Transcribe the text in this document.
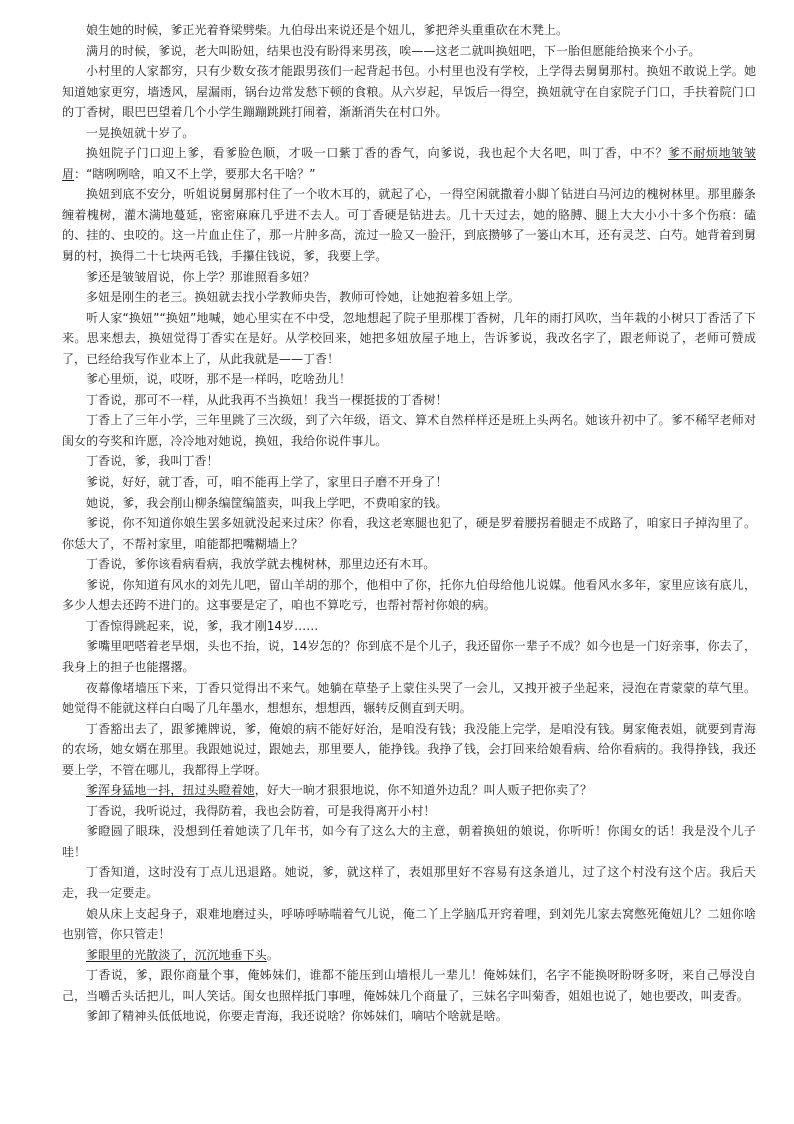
娘生她的时候，爹正光着脊梁劈柴。九伯母出来说还是个妞儿，爹把斧头重重砍在木凳上。

满月的时候，爹说，老大叫盼妞，结果也没有盼得来男孩，唉——这老二就叫换妞吧，下一胎但愿能给换来个小子。

小村里的人家都穷，只有少数女孩才能跟男孩们一起背起书包。小村里也没有学校，上学得去舅舅那村。换妞不敢说上学。她知道她家更穷，墙透风，屋漏雨，锅台边常发愁下顿的食粮。从六岁起，早饭后一得空，换妞就守在自家院子门口，手扶着院门口的丁香树，眼巴巴望着几个小学生蹦蹦跳跳打闹着，渐渐消失在村口外。

一晃换妞就十岁了。

换妞院子门口迎上爹，看爹脸色顺，才吸一口紫丁香的香气，向爹说，我也起个大名吧，叫丁香，中不？爹不耐烦地皱皱眉：“瞎咧咧啥，咱又不上学，要那大名干啥？”

换妞到底不安分，听姐说舅舅那村住了一个收木耳的，就起了心，一得空闲就撒着小脚丫钻进白马河边的槐树林里。那里藤条缠着槐树，灌木满地蔓延，密密麻麻几乎进不去人。可丁香硬是钻进去。几十天过去，她的胳膊、腿上大大小小十多个伤痕：磕的、挂的、虫咬的。这一片血止住了，那一片肿多高，流过一脸又一脸汗，到底攒够了一篓山木耳，还有灵芝、白芍。她背着到舅舅的村，换得二十七块两毛钱，手攥住钱说，爹，我要上学。

爹还是皱皱眉说，你上学？那谁照看多妞？

多妞是刚生的老三。换妞就去找小学教师央告，教师可怜她，让她抱着多妞上学。

听人家“换妞”“换妞”地喊，她心里实在不中受，忽地想起了院子里那棵丁香树，几年的雨打风吹，当年栽的小树只丁香活了下来。思来想去，换妞觉得丁香实在是好。从学校回来，她把多妞放屋子地上，告诉爹说，我改名字了，跟老师说了，老师可赞成了，已经给我写作业本上了，从此我就是——丁香！

爹心里烦，说，哎呀，那不是一样吗，吃啥劲儿！

丁香说，那可不一样，从此我再不当换妞！我当一棵挺拔的丁香树！

丁香上了三年小学，三年里跳了三次级，到了六年级，语文、算术自然样样还是班上头两名。她该升初中了。爹不稀罕老师对闺女的夸奖和许愿，冷冷地对她说，换妞，我给你说件事儿。

丁香说，爹，我叫丁香！

爹说，好好，就丁香，可，咱不能再上学了，家里日子磨不开身了！

她说，爹，我会削山柳条编筐编篮卖，叫我上学吧，不费咱家的钱。

爹说，你不知道你娘生罢多妞就没起来过床？你看，我这老寒腿也犯了，硬是罗着腰拐着腿走不成路了，咱家日子掉沟里了。你恁大了，不帮衬家里，咱能都把嘴糊墙上？

丁香说，爹你该看病看病，我放学就去槐树林，那里边还有木耳。

爹说，你知道有风水的刘先儿吧，留山羊胡的那个，他相中了你，托你九伯母给他儿说媒。他看风水多年，家里应该有底儿，多少人想去还跨不进门的。这事要是定了，咱也不算吃亏，也帮衬帮衬你娘的病。

丁香惊得跳起来，说，爹，我才刚14岁……

爹嘴里吧嗒着老旱烟，头也不抬，说，14岁怎的？你到底不是个儿子，我还留你一辈子不成？如今也是一门好亲事，你去了，我身上的担子也能撂撂。

夜幕像堵墙压下来，丁香只觉得出不来气。她躺在草垫子上蒙住头哭了一会儿，又拽开被子坐起来，浸泡在青蒙蒙的草气里。她觉得不能就这样白白喝了几年墨水，想想东，想想西，辗转反侧直到天明。

丁香豁出去了，跟爹摊牌说，爹，俺娘的病不能好好治，是咱没有钱；我没能上完学，是咱没有钱。舅家俺表姐，就要到青海的农场，她女婿在那里。我跟她说过，跟她去，那里要人，能挣钱。我挣了钱，会打回来给娘看病、给你看病的。我得挣钱，我还要上学，不管在哪儿，我都得上学呀。

爹浑身猛地一抖，扭过头瞪着她，好大一晌才狠狠地说，你不知道外边乱？叫人贩子把你卖了？

丁香说，我听说过，我得防着，我也会防着，可是我得离开小村！

爹瞪圆了眼珠，没想到任着她读了几年书，如今有了这么大的主意，朝着换妞的娘说，你听听！你闺女的话！我是没个儿子哇！

丁香知道，这时没有丁点儿迅退路。她说，爹，就这样了，表姐那里好不容易有这条道儿，过了这个村没有这个店。我后天走，我一定要走。

娘从床上支起身子，艰难地磨过头，呼哧呼哧喘着气儿说，俺二丫上学脑瓜开窍着哩，到刘先儿家去窝憋死俺妞儿？二妞你啥也别管，你只管走！

爹眼里的光散淡了，沉沉地垂下头。

丁香说，爹，跟你商量个事，俺姊妹们，谁都不能压到山墙根儿一辈儿！俺姊妹们，名字不能换呀盼呀多呀，来自己辱没自己，当嚼舌头话把儿，叫人笑话。闺女也照样抵门事哩，俺姊妹几个商量了，三妹名字叫菊香，姐姐也说了，她也要改，叫麦香。

爹卸了精神头低低地说，你要走青海，我还说啥？你姊妹们，嘀咕个啥就是啥。
